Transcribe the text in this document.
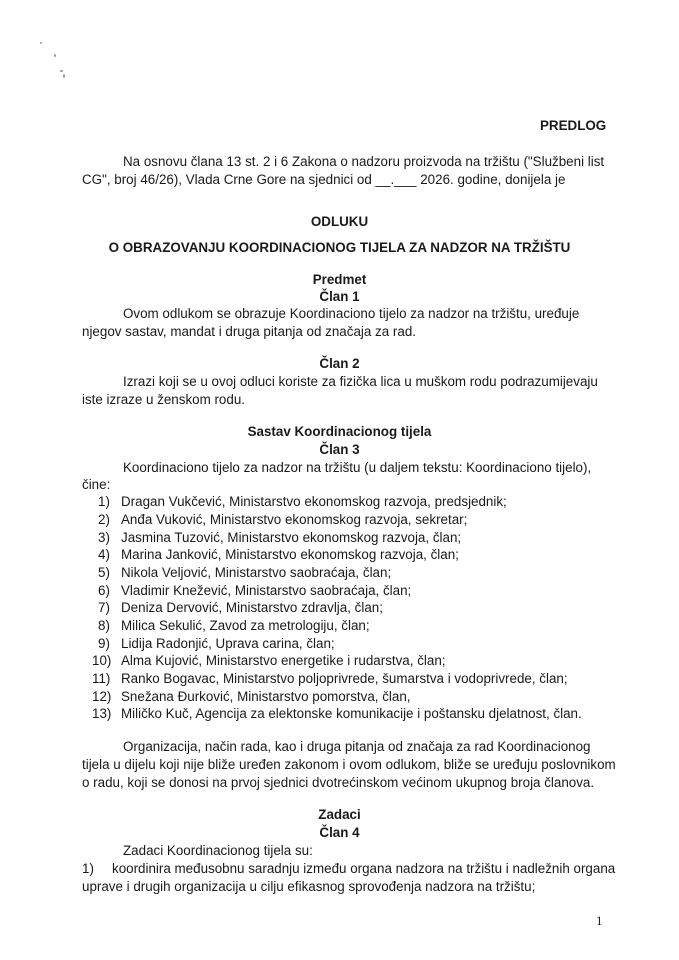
PREDLOG
Na osnovu člana 13 st. 2 i 6 Zakona o nadzoru proizvoda na tržištu ("Službeni list
CG", broj 46/26), Vlada Crne Gore na sjednici od __.___ 2026. godine, donijela je
ODLUKU
O OBRAZOVANJU KOORDINACIONOG TIJELA ZA NADZOR NA TRŽIŠTU
Predmet
Član 1
Ovom odlukom se obrazuje Koordinaciono tijelo za nadzor na tržištu, uređuje
njegov sastav, mandat i druga pitanja od značaja za rad.
Član 2
Izrazi koji se u ovoj odluci koriste za fizička lica u muškom rodu podrazumijevaju
iste izraze u ženskom rodu.
Sastav Koordinacionog tijela
Član 3
Koordinaciono tijelo za nadzor na tržištu (u daljem tekstu: Koordinaciono tijelo),
čine:
1) Dragan Vukčević, Ministarstvo ekonomskog razvoja, predsjednik;
2) Anđa Vuković, Ministarstvo ekonomskog razvoja, sekretar;
3) Jasmina Tuzović, Ministarstvo ekonomskog razvoja, član;
4) Marina Janković, Ministarstvo ekonomskog razvoja, član;
5) Nikola Veljović, Ministarstvo saobraćaja, član;
6) Vladimir Knežević, Ministarstvo saobraćaja, član;
7) Deniza Dervović, Ministarstvo zdravlja, član;
8) Milica Sekulić, Zavod za metrologiju, član;
9) Lidija Radonjić, Uprava carina, član;
10) Alma Kujović, Ministarstvo energetike i rudarstva, član;
11) Ranko Bogavac, Ministarstvo poljoprivrede, šumarstva i vodoprivrede, član;
12) Snežana Đurković, Ministarstvo pomorstva, član,
13) Miličko Kuč, Agencija za elektonske komunikacije i poštansku djelatnost, član.
Organizacija, način rada, kao i druga pitanja od značaja za rad Koordinacionog
tijela u dijelu koji nije bliže uređen zakonom i ovom odlukom, bliže se uređuju poslovnikom
o radu, koji se donosi na prvoj sjednici dvotrećinskom većinom ukupnog broja članova.
Zadaci
Član 4
Zadaci Koordinacionog tijela su:
1) koordinira međusobnu saradnju između organa nadzora na tržištu i nadležnih organa
uprave i drugih organizacija u cilju efikasnog sprovođenja nadzora na tržištu;
1
